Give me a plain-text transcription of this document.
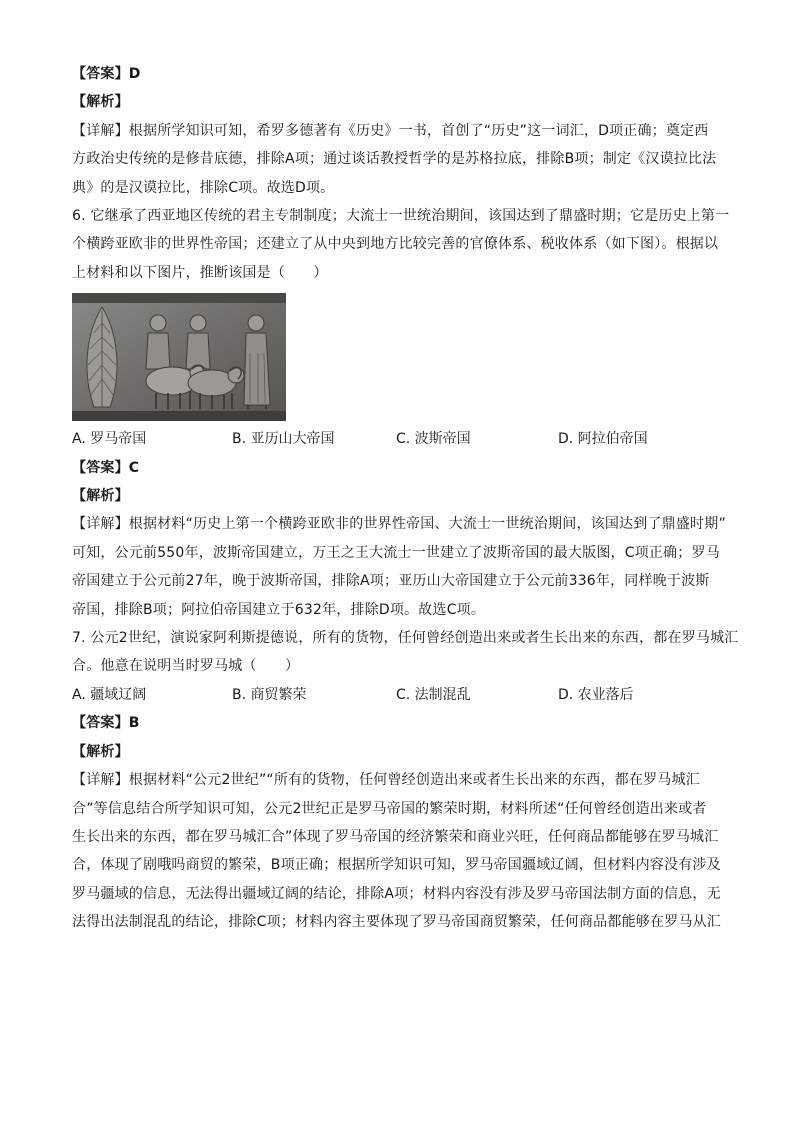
【答案】D
【解析】
【详解】根据所学知识可知，希罗多德著有《历史》一书，首创了“历史”这一词汇，D项正确；奠定西
方政治史传统的是修昔底德，排除A项；通过谈话教授哲学的是苏格拉底，排除B项；制定《汉谟拉比法
典》的是汉谟拉比，排除C项。故选D项。
6. 它继承了西亚地区传统的君主专制制度；大流士一世统治期间，该国达到了鼎盛时期；它是历史上第一
个横跨亚欧非的世界性帝国；还建立了从中央到地方比较完善的官僚体系、税收体系（如下图）。根据以
上材料和以下图片，推断该国是（　　）
A. 罗马帝国	B. 亚历山大帝国	C. 波斯帝国	D. 阿拉伯帝国
【答案】C
【解析】
【详解】根据材料“历史上第一个横跨亚欧非的世界性帝国、大流士一世统治期间，该国达到了鼎盛时期”
可知，公元前550年，波斯帝国建立，万王之王大流士一世建立了波斯帝国的最大版图，C项正确；罗马
帝国建立于公元前27年，晚于波斯帝国，排除A项；亚历山大帝国建立于公元前336年，同样晚于波斯
帝国，排除B项；阿拉伯帝国建立于632年，排除D项。故选C项。
7. 公元2世纪，演说家阿利斯提德说，所有的货物，任何曾经创造出来或者生长出来的东西，都在罗马城汇
合。他意在说明当时罗马城（　　）
A. 疆域辽阔	B. 商贸繁荣	C. 法制混乱	D. 农业落后
【答案】B
【解析】
【详解】根据材料“公元2世纪”“所有的货物，任何曾经创造出来或者生长出来的东西，都在罗马城汇
合”等信息结合所学知识可知，公元2世纪正是罗马帝国的繁荣时期，材料所述“任何曾经创造出来或者
生长出来的东西，都在罗马城汇合”体现了罗马帝国的经济繁荣和商业兴旺，任何商品都能够在罗马城汇
合，体现了剧哦吗商贸的繁荣，B项正确；根据所学知识可知，罗马帝国疆域辽阔，但材料内容没有涉及
罗马疆域的信息，无法得出疆域辽阔的结论，排除A项；材料内容没有涉及罗马帝国法制方面的信息，无
法得出法制混乱的结论，排除C项；材料内容主要体现了罗马帝国商贸繁荣，任何商品都能够在罗马从汇
